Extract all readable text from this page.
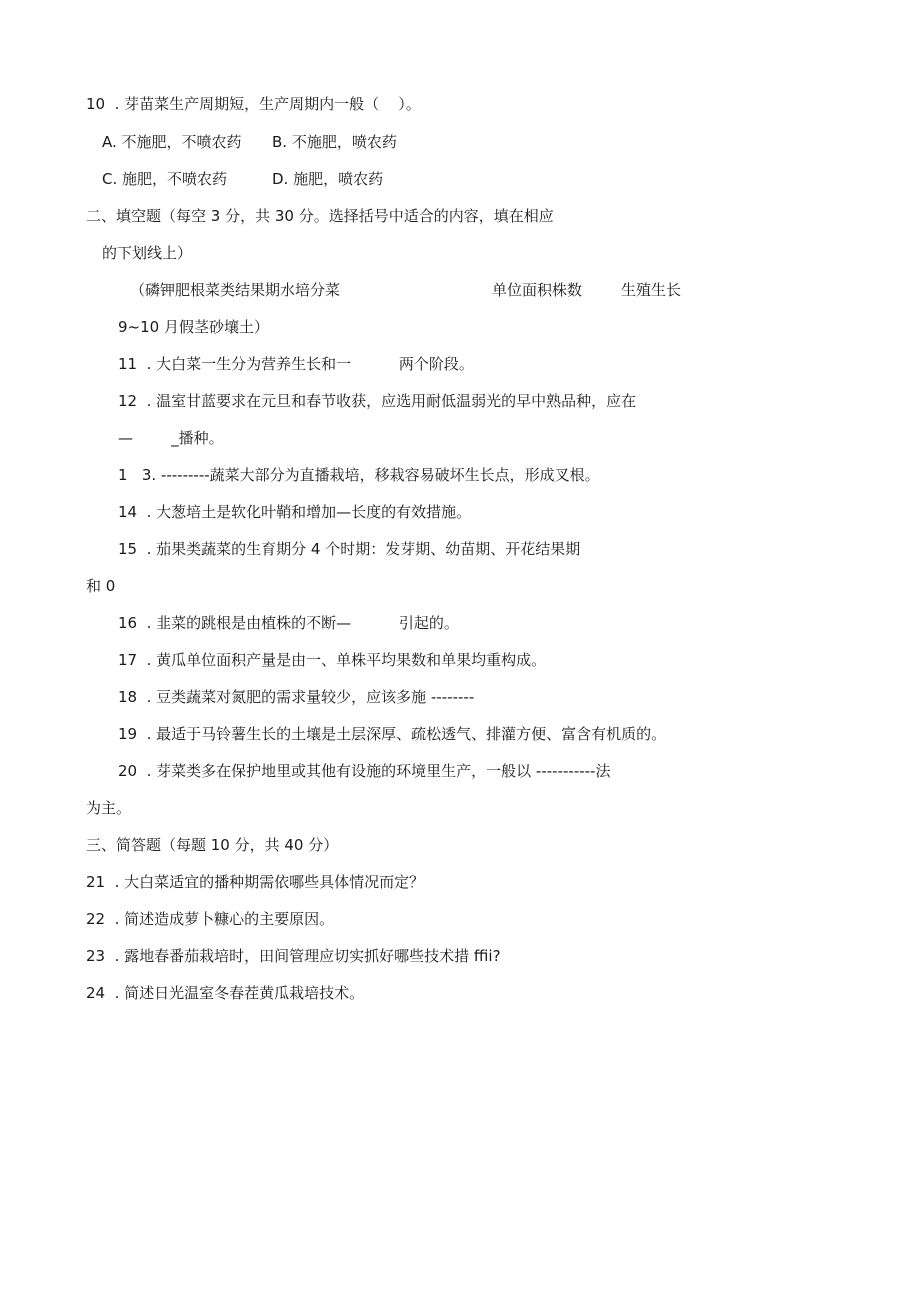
10  . 芽苗菜生产周期短，生产周期内一般（    ）。
A. 不施肥，不喷农药 B. 不施肥，喷农药
C. 施肥，不喷农药	D. 施肥，喷农药
二、填空题（每空 3 分，共 30 分。选择括号中适合的内容，填在相应
的下划线上）
（磷钾肥根菜类结果期水培分菜	单位面积株数	生殖生长
9~10 月假茎砂壤土）
11  . 大白菜一生分为营养生长和一          两个阶段。
12  . 温室甘蓝要求在元旦和春节收获，应选用耐低温弱光的早中熟品种，应在
—        _播种。
1   3. ---------蔬菜大部分为直播栽培，移栽容易破坏生长点，形成叉根。
14  . 大葱培土是软化叶鞘和增加—长度的有效措施。
15  . 茄果类蔬菜的生育期分 4 个时期：发芽期、幼苗期、开花结果期
和 0
16  . 韭菜的跳根是由植株的不断—          引起的。
17  . 黄瓜单位面积产量是由一、单株平均果数和单果均重构成。
18  . 豆类蔬菜对氮肥的需求量较少，应该多施 --------
19  . 最适于马铃薯生长的土壤是土层深厚、疏松透气、排灌方便、富含有机质的。
20  . 芽菜类多在保护地里或其他有设施的环境里生产，一般以 -----------法
为主。
三、简答题（每题 10 分，共 40 分）
21  . 大白菜适宜的播种期需依哪些具体情况而定？
22  . 简述造成萝卜糠心的主要原因。
23  . 露地春番茄栽培时，田间管理应切实抓好哪些技术措 ffii?
24  . 简述日光温室冬春茬黄瓜栽培技术。
